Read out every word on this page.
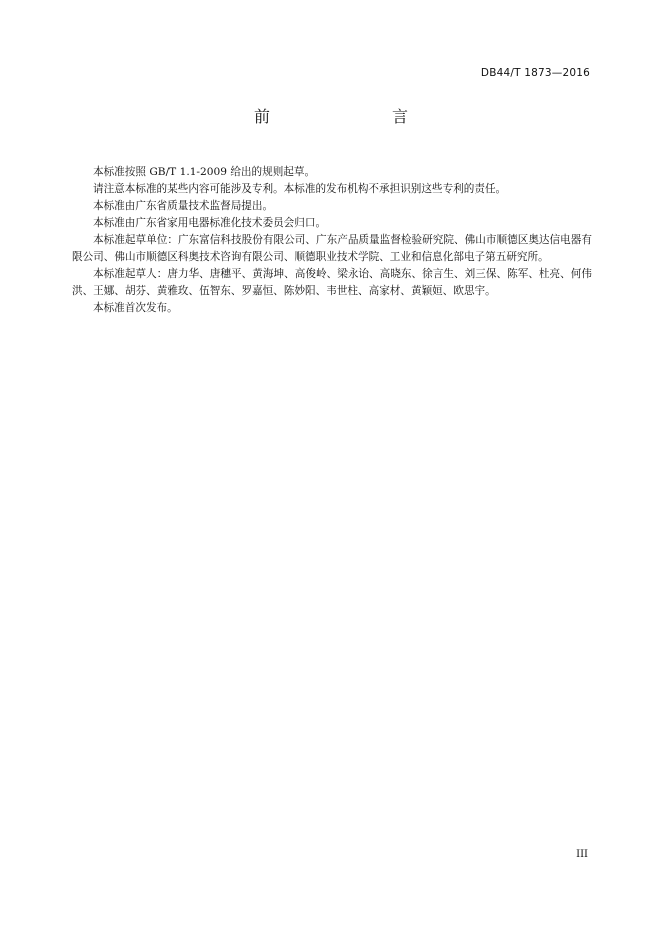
DB44/T 1873—2016
前　　言

本标准按照 GB/T 1.1-2009 给出的规则起草。

请注意本标准的某些内容可能涉及专利。本标准的发布机构不承担识别这些专利的责任。

本标准由广东省质量技术监督局提出。

本标准由广东省家用电器标准化技术委员会归口。

本标准起草单位：广东富信科技股份有限公司、广东产品质量监督检验研究院、佛山市顺德区奥达信电器有限公司、佛山市顺德区科奥技术咨询有限公司、顺德职业技术学院、工业和信息化部电子第五研究所。

本标准起草人：唐力华、唐穗平、黄海坤、高俊岭、梁永诒、高晓东、徐言生、刘三保、陈军、杜亮、何伟洪、王娜、胡芬、黄雅玫、伍智东、罗嘉恒、陈妙阳、韦世柱、高家材、黄颖姮、欧思宇。

本标准首次发布。

III
